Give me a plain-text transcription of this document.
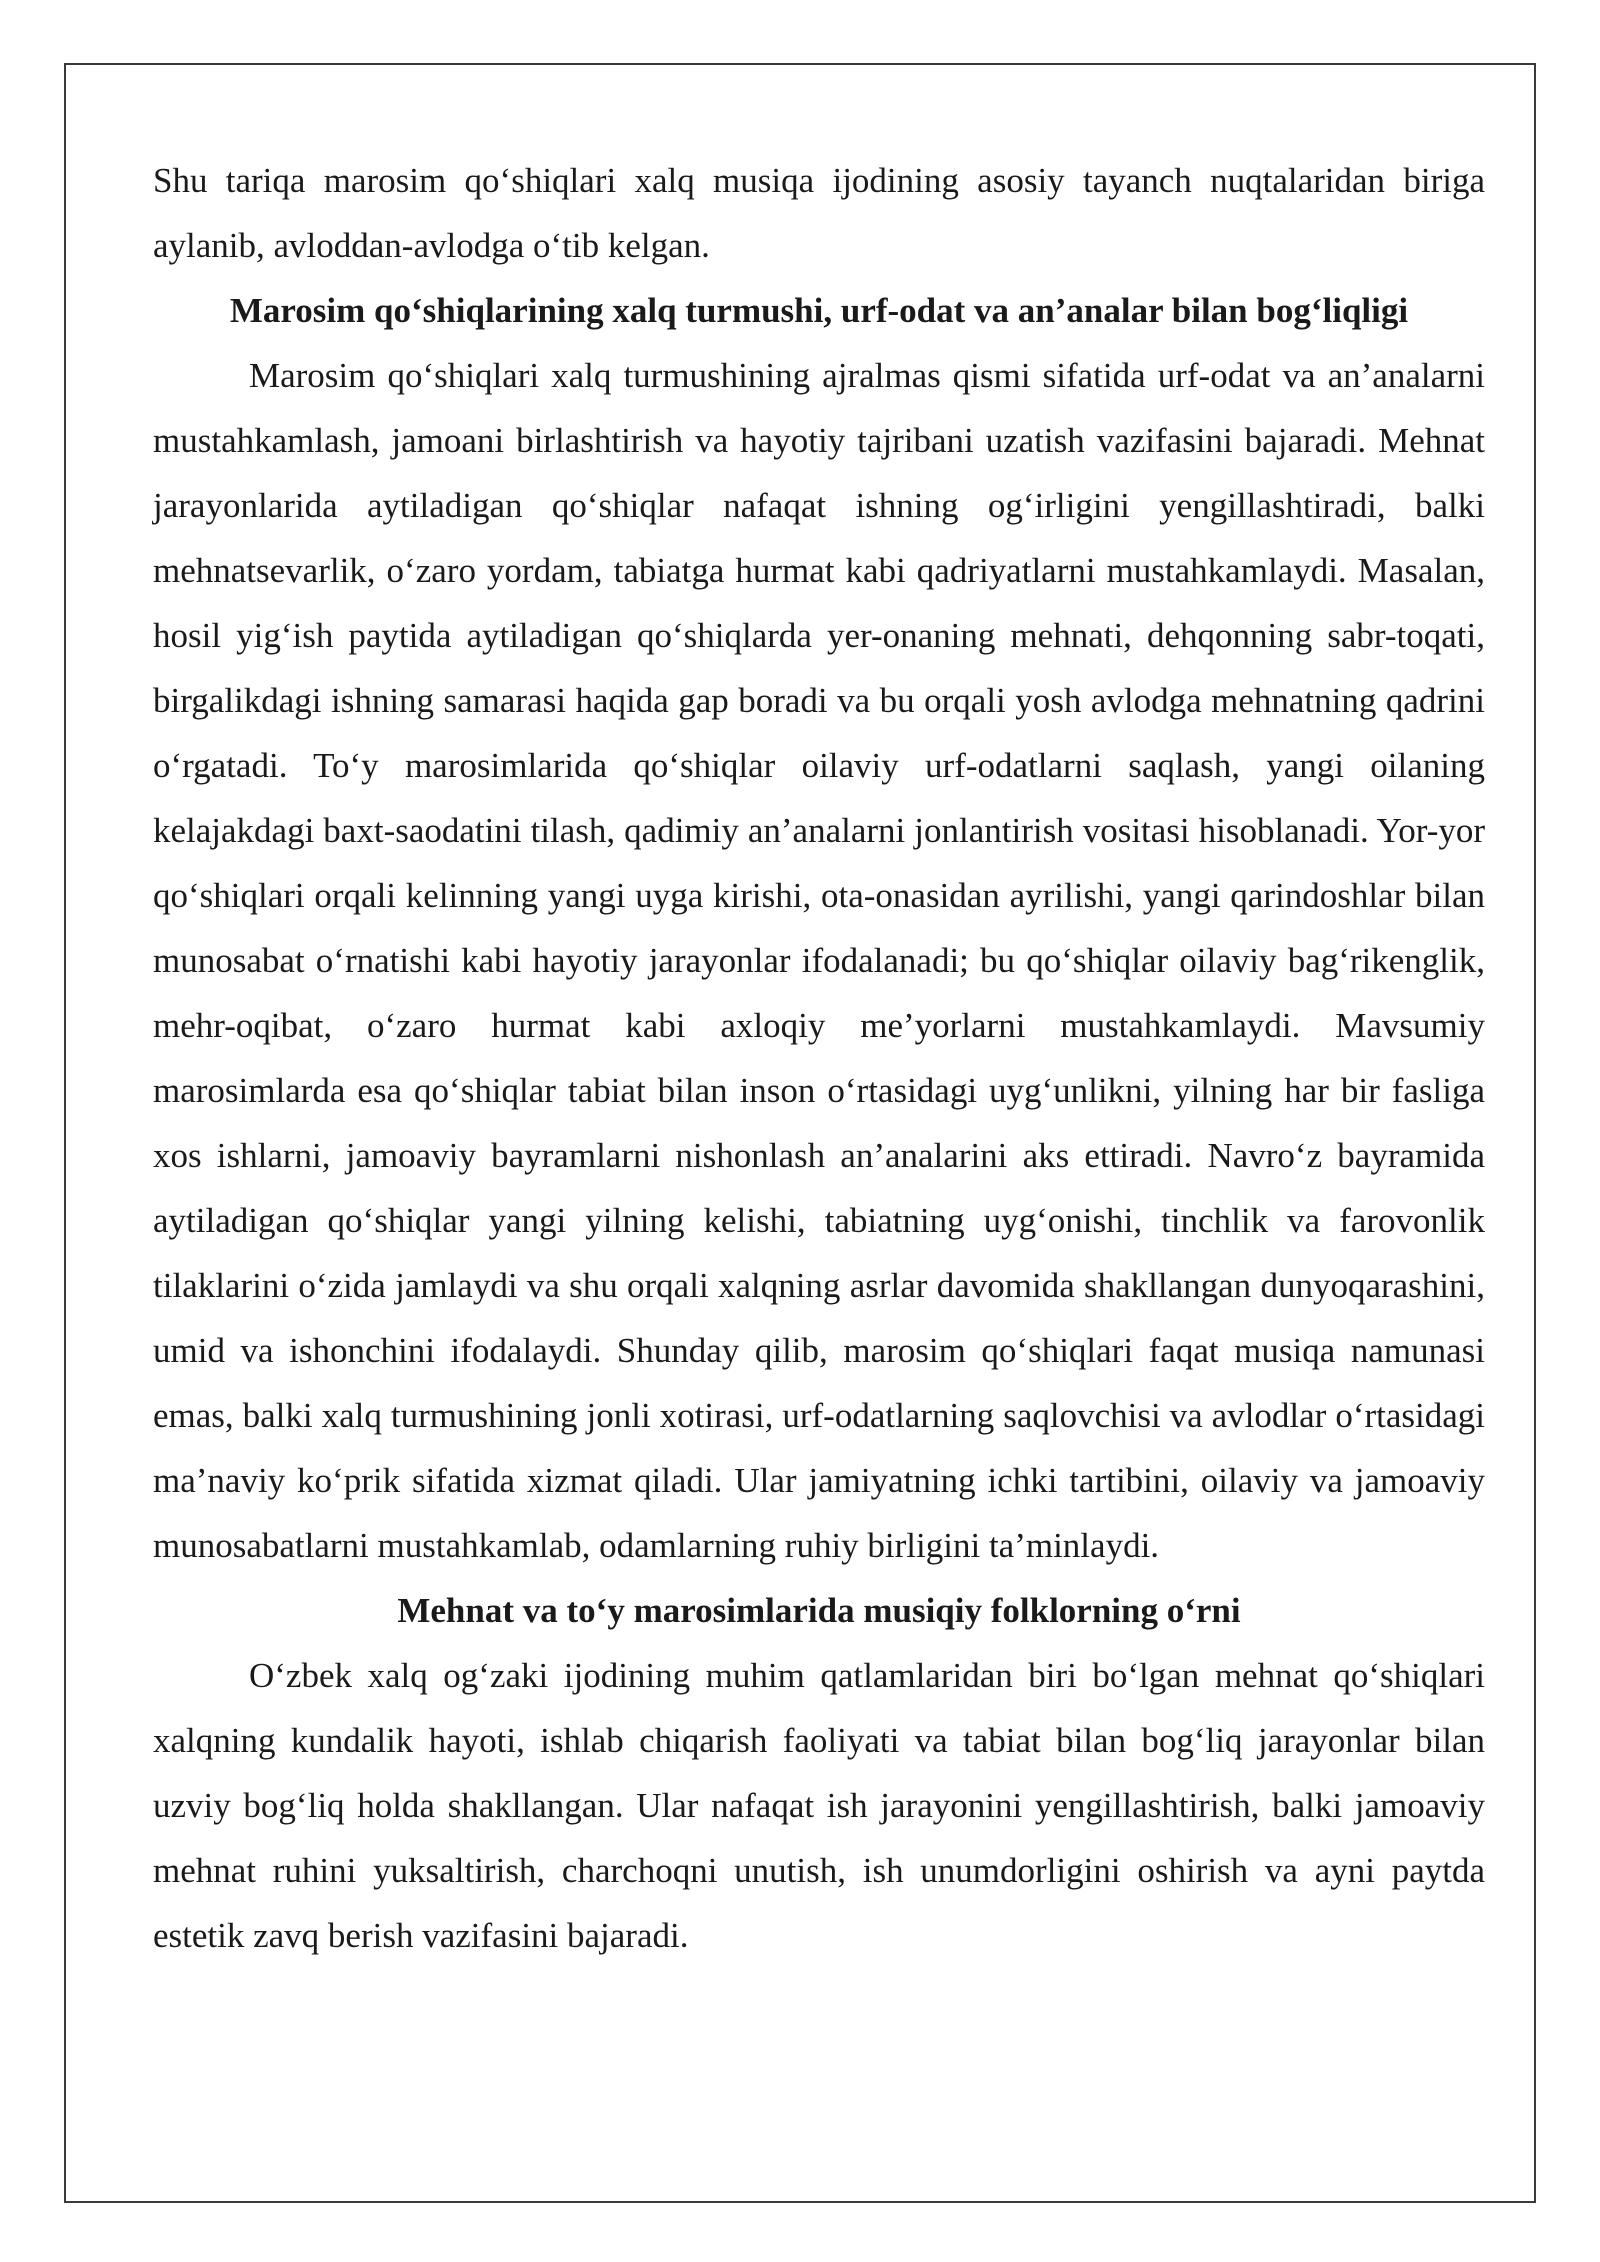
Shu tariqa marosim qo‘shiqlari xalq musiqa ijodining asosiy tayanch nuqtalaridan biriga aylanib, avloddan-avlodga o‘tib kelgan.

Marosim qo‘shiqlarining xalq turmushi, urf-odat va an’analar bilan bog‘liqligi

Marosim qo‘shiqlari xalq turmushining ajralmas qismi sifatida urf-odat va an’analarni mustahkamlash, jamoani birlashtirish va hayotiy tajribani uzatish vazifasini bajaradi. Mehnat jarayonlarida aytiladigan qo‘shiqlar nafaqat ishning og‘irligini yengillashtiradi, balki mehnatsevarlik, o‘zaro yordam, tabiatga hurmat kabi qadriyatlarni mustahkamlaydi. Masalan, hosil yig‘ish paytida aytiladigan qo‘shiqlarda yer-onaning mehnati, dehqonning sabr-toqati, birgalikdagi ishning samarasi haqida gap boradi va bu orqali yosh avlodga mehnatning qadrini o‘rgatadi. To‘y marosimlarida qo‘shiqlar oilaviy urf-odatlarni saqlash, yangi oilaning kelajakdagi baxt-saodatini tilash, qadimiy an’analarni jonlantirish vositasi hisoblanadi. Yor-yor qo‘shiqlari orqali kelinning yangi uyga kirishi, ota-onasidan ayrilishi, yangi qarindoshlar bilan munosabat o‘rnatishi kabi hayotiy jarayonlar ifodalanadi; bu qo‘shiqlar oilaviy bag‘rikenglik, mehr-oqibat, o‘zaro hurmat kabi axloqiy me’yorlarni mustahkamlaydi. Mavsumiy marosimlarda esa qo‘shiqlar tabiat bilan inson o‘rtasidagi uyg‘unlikni, yilning har bir fasliga xos ishlarni, jamoaviy bayramlarni nishonlash an’analarini aks ettiradi. Navro‘z bayramida aytiladigan qo‘shiqlar yangi yilning kelishi, tabiatning uyg‘onishi, tinchlik va farovonlik tilaklarini o‘zida jamlaydi va shu orqali xalqning asrlar davomida shakllangan dunyoqarashini, umid va ishonchini ifodalaydi. Shunday qilib, marosim qo‘shiqlari faqat musiqa namunasi emas, balki xalq turmushining jonli xotirasi, urf-odatlarning saqlovchisi va avlodlar o‘rtasidagi ma’naviy ko‘prik sifatida xizmat qiladi. Ular jamiyatning ichki tartibini, oilaviy va jamoaviy munosabatlarni mustahkamlab, odamlarning ruhiy birligini ta’minlaydi.

Mehnat va to‘y marosimlarida musiqiy folklorning o‘rni

O‘zbek xalq og‘zaki ijodining muhim qatlamlaridan biri bo‘lgan mehnat qo‘shiqlari xalqning kundalik hayoti, ishlab chiqarish faoliyati va tabiat bilan bog‘liq jarayonlar bilan uzviy bog‘liq holda shakllangan. Ular nafaqat ish jarayonini yengillashtirish, balki jamoaviy mehnat ruhini yuksaltirish, charchoqni unutish, ish unumdorligini oshirish va ayni paytda estetik zavq berish vazifasini bajaradi.
